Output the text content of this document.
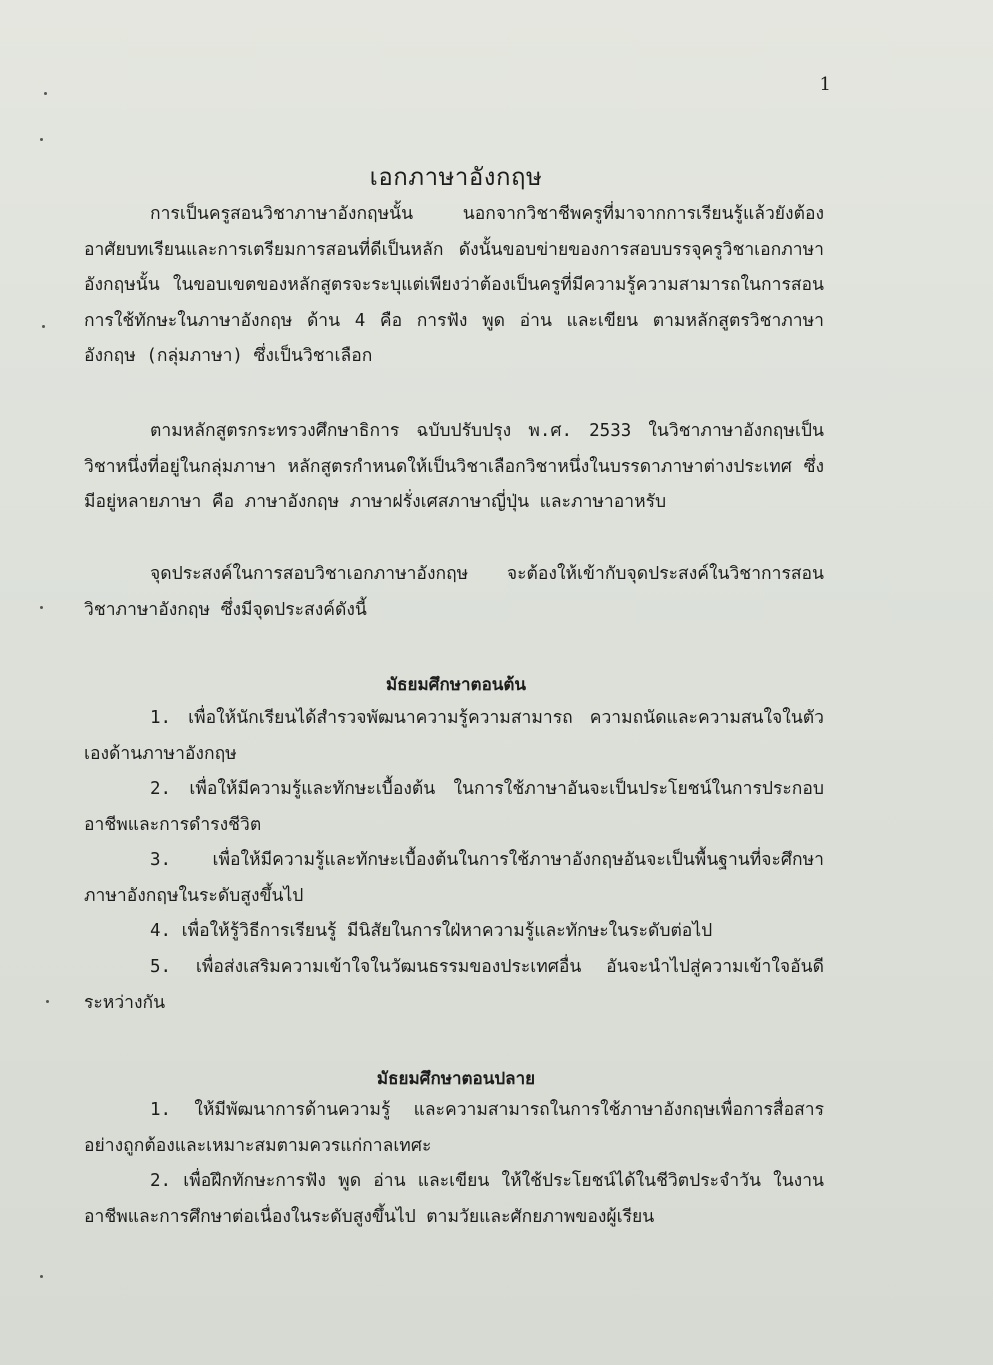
1
เอกภาษาอังกฤษ

การเป็นครูสอนวิชาภาษาอังกฤษนั้น นอกจากวิชาชีพครูที่มาจากการเรียนรู้แล้วยังต้องอาศัยบทเรียนและการเตรียมการสอนที่ดีเป็นหลัก ดังนั้นขอบข่ายของการสอบบรรจุครูวิชาเอกภาษาอังกฤษนั้น ในขอบเขตของหลักสูตรจะระบุแต่เพียงว่าต้องเป็นครูที่มีความรู้ความสามารถในการสอน การใช้ทักษะในภาษาอังกฤษ ด้าน 4 คือ การฟัง พูด อ่าน และเขียน ตามหลักสูตรวิชาภาษาอังกฤษ (กลุ่มภาษา) ซึ่งเป็นวิชาเลือก

ตามหลักสูตรกระทรวงศึกษาธิการ ฉบับปรับปรุง พ.ศ. 2533 ในวิชาภาษาอังกฤษเป็นวิชาหนึ่งที่อยู่ในกลุ่มภาษา หลักสูตรกำหนดให้เป็นวิชาเลือกวิชาหนึ่งในบรรดาภาษาต่างประเทศ ซึ่งมีอยู่หลายภาษา คือ ภาษาอังกฤษ ภาษาฝรั่งเศสภาษาญี่ปุ่น และภาษาอาหรับ

จุดประสงค์ในการสอบวิชาเอกภาษาอังกฤษ จะต้องให้เข้ากับจุดประสงค์ในวิชาการสอน วิชาภาษาอังกฤษ ซึ่งมีจุดประสงค์ดังนี้

มัธยมศึกษาตอนต้น

1. เพื่อให้นักเรียนได้สำรวจพัฒนาความรู้ความสามารถ ความถนัดและความสนใจในตัวเองด้านภาษาอังกฤษ

2. เพื่อให้มีความรู้และทักษะเบื้องต้น ในการใช้ภาษาอันจะเป็นประโยชน์ในการประกอบอาชีพและการดำรงชีวิต

3. เพื่อให้มีความรู้และทักษะเบื้องต้นในการใช้ภาษาอังกฤษอันจะเป็นพื้นฐานที่จะศึกษาภาษาอังกฤษในระดับสูงขึ้นไป

4. เพื่อให้รู้วิธีการเรียนรู้ มีนิสัยในการใฝ่หาความรู้และทักษะในระดับต่อไป

5. เพื่อส่งเสริมความเข้าใจในวัฒนธรรมของประเทศอื่น อันจะนำไปสู่ความเข้าใจอันดีระหว่างกัน

มัธยมศึกษาตอนปลาย

1. ให้มีพัฒนาการด้านความรู้ และความสามารถในการใช้ภาษาอังกฤษเพื่อการสื่อสารอย่างถูกต้องและเหมาะสมตามควรแก่กาลเทศะ

2. เพื่อฝึกทักษะการฟัง พูด อ่าน และเขียน ให้ใช้ประโยชน์ได้ในชีวิตประจำวัน ในงานอาชีพและการศึกษาต่อเนื่องในระดับสูงขึ้นไป ตามวัยและศักยภาพของผู้เรียน
